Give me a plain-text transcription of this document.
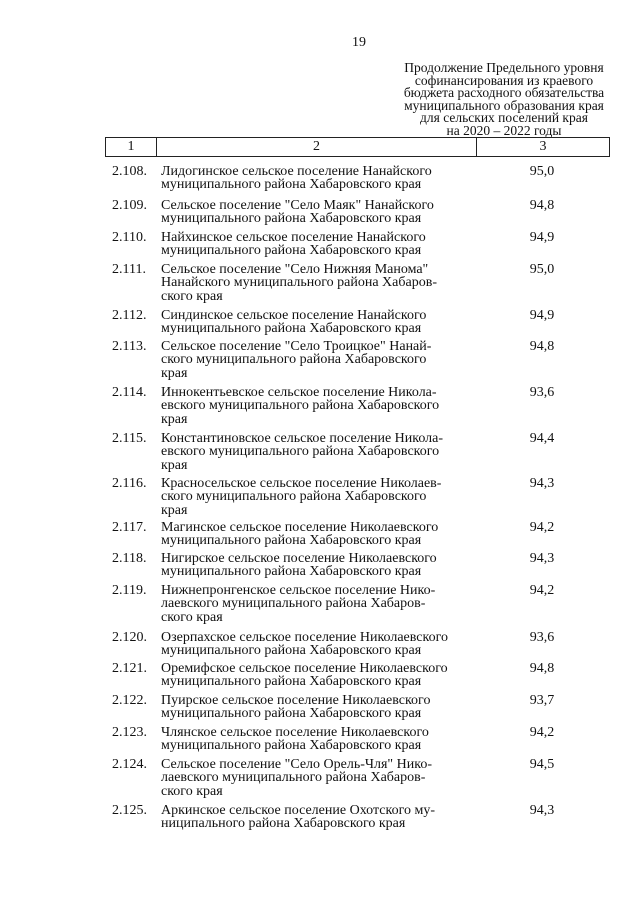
19
Продолжение Предельного уровня
софинансирования из краевого
бюджета расходного обязательства
муниципального образования края
для сельских поселений края
на 2020 – 2022 годы
1	2	3
2.108.	Лидогинское сельское поселение Нанайского
муниципального района Хабаровского края
95,0
2.109.	Сельское поселение "Село Маяк" Нанайского
муниципального района Хабаровского края
94,8
2.110.	Найхинское сельское поселение Нанайского
муниципального района Хабаровского края
94,9
2.111.	Сельское поселение "Село Нижняя Манома"
Нанайского муниципального района Хабаров-
ского края
95,0
2.112.	Синдинское сельское поселение Нанайского
муниципального района Хабаровского края
94,9
2.113.	Сельское поселение "Село Троицкое" Нанай-
ского муниципального района Хабаровского
края
94,8
2.114.	Иннокентьевское сельское поселение Никола-
евского муниципального района Хабаровского
края
93,6
2.115.	Константиновское сельское поселение Никола-
евского муниципального района Хабаровского
края
94,4
2.116.	Красносельское сельское поселение Николаев-
ского муниципального района Хабаровского
края
94,3
2.117.	Магинское сельское поселение Николаевского
муниципального района Хабаровского края
94,2
2.118.	Нигирское сельское поселение Николаевского
муниципального района Хабаровского края
94,3
2.119.	Нижнепронгенское сельское поселение Нико-
лаевского муниципального района Хабаров-
ского края
94,2
2.120.	Озерпахское сельское поселение Николаевского
муниципального района Хабаровского края
93,6
2.121.	Оремифское сельское поселение Николаевского
муниципального района Хабаровского края
94,8
2.122.	Пуирское сельское поселение Николаевского
муниципального района Хабаровского края
93,7
2.123.	Члянское сельское поселение Николаевского
муниципального района Хабаровского края
94,2
2.124.	Сельское поселение "Село Орель-Чля" Нико-
лаевского муниципального района Хабаров-
ского края
94,5
2.125.	Аркинское сельское поселение Охотского му-
ниципального района Хабаровского края
94,3
